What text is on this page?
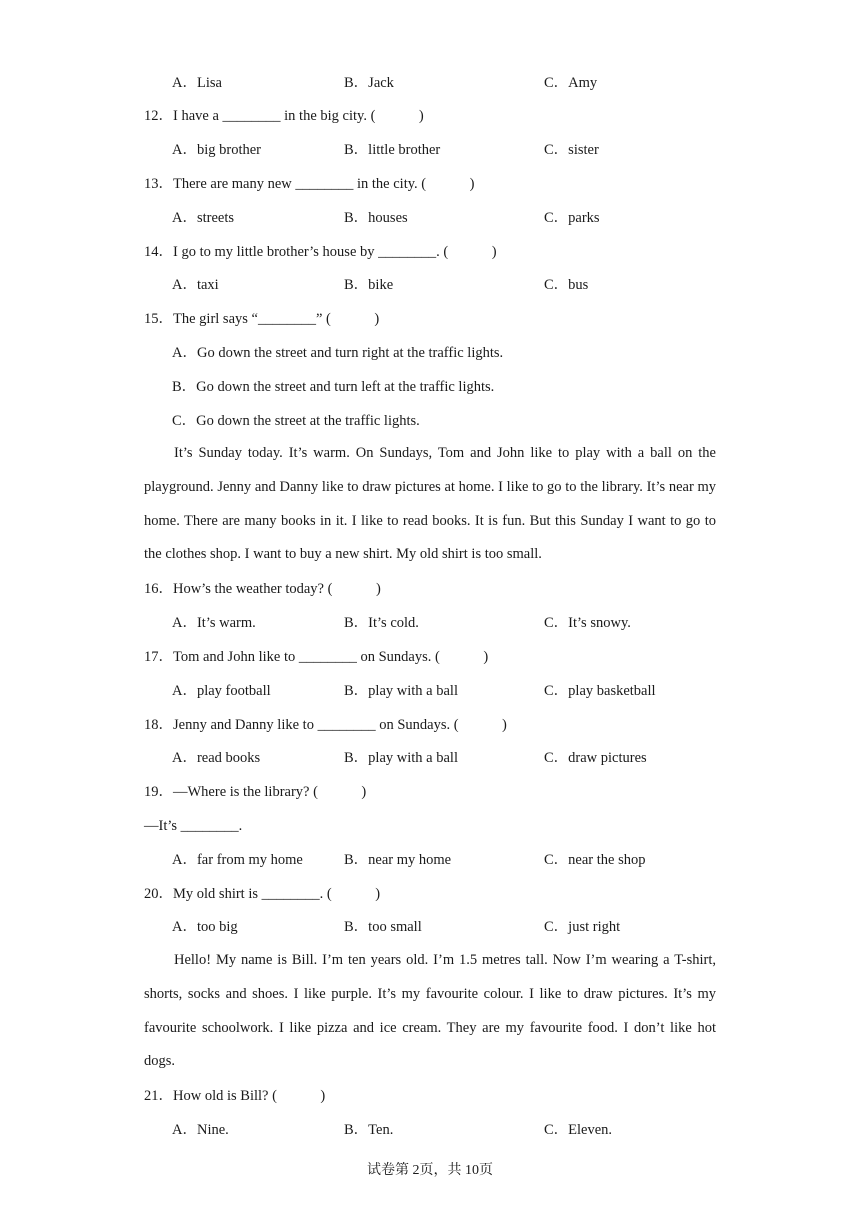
A．Lisa	B．Jack	C．Amy
12．I have a ________ in the big city. (　　　)
A．big brother	B．little brother	C．sister
13．There are many new ________ in the city. (　　　)
A．streets	B．houses	C．parks
14．I go to my little brother’s house by ________. (　　　)
A．taxi	B．bike	C．bus
15．The girl says “________” (　　　)
A．Go down the street and turn right at the traffic lights.
B．Go down the street and turn left at the traffic lights.
C．Go down the street at the traffic lights.
It’s Sunday today. It’s warm. On Sundays, Tom and John like to play with a ball on the playground. Jenny and Danny like to draw pictures at home. I like to go to the library. It’s near my home. There are many books in it. I like to read books. It is fun. But this Sunday I want to go to the clothes shop. I want to buy a new shirt. My old shirt is too small.
16．How’s the weather today? (　　　)
A．It’s warm.	B．It’s cold.	C．It’s snowy.
17．Tom and John like to ________ on Sundays. (　　　)
A．play football	B．play with a ball	C．play basketball
18．Jenny and Danny like to ________ on Sundays. (　　　)
A．read books	B．play with a ball	C．draw pictures
19．—Where is the library? (　　　)
—It’s ________.
A．far from my home	B．near my home	C．near the shop
20．My old shirt is ________. (　　　)
A．too big	B．too small	C．just right
Hello! My name is Bill. I’m ten years old. I’m 1.5 metres tall. Now I’m wearing a T-shirt, shorts, socks and shoes. I like purple. It’s my favourite colour. I like to draw pictures. It’s my favourite schoolwork. I like pizza and ice cream. They are my favourite food. I don’t like hot dogs.
21．How old is Bill? (　　　)
A．Nine.	B．Ten.	C．Eleven.
试卷第 2页，共 10页
